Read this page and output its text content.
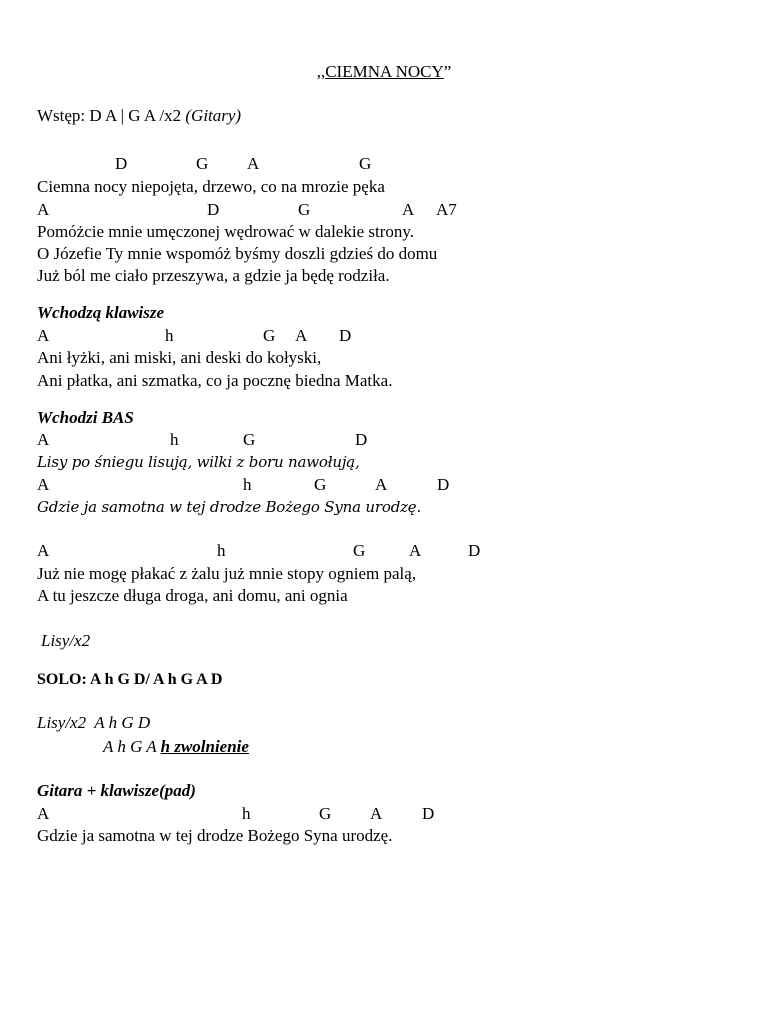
,,CIEMNA NOCY”
Wstęp: D A | G A /x2 (Gitary)

D

	G

A

	G

Ciemna nocy niepojęta, drzewo, co na mrozie pęka

A

	D

	G

	A

A7

Pomóżcie mnie umęczonej wędrować w dalekie strony.
O Józefie Ty mnie wspomóż byśmy doszli gdzieś do domu
Już ból me ciało przeszywa, a gdzie ja będę rodziła.
Wchodzą klawisze

A

	h

	G

A

D

Ani łyżki, ani miski, ani deski do kołyski,
Ani płatka, ani szmatka, co ja pocznę biedna Matka.
Wchodzi BAS

A

	h

	G

	D

Lisy po śniegu lisują, wilki z boru nawołują,

A

	h

	G

	A

	D

Gdzie ja samotna w tej drodze Bożego Syna urodzę.

A

	h

	G

	A

	D

Już nie mogę płakać z żalu już mnie stopy ogniem palą,
A tu jeszcze długa droga, ani domu, ani ognia
Lisy/x2
SOLO: A h G D/ A h G A D
Lisy/x2  A h G D
A h G A h zwolnienie
Gitara + klawisze(pad)

A

	h

	G

A

D

Gdzie ja samotna w tej drodze Bożego Syna urodzę.
